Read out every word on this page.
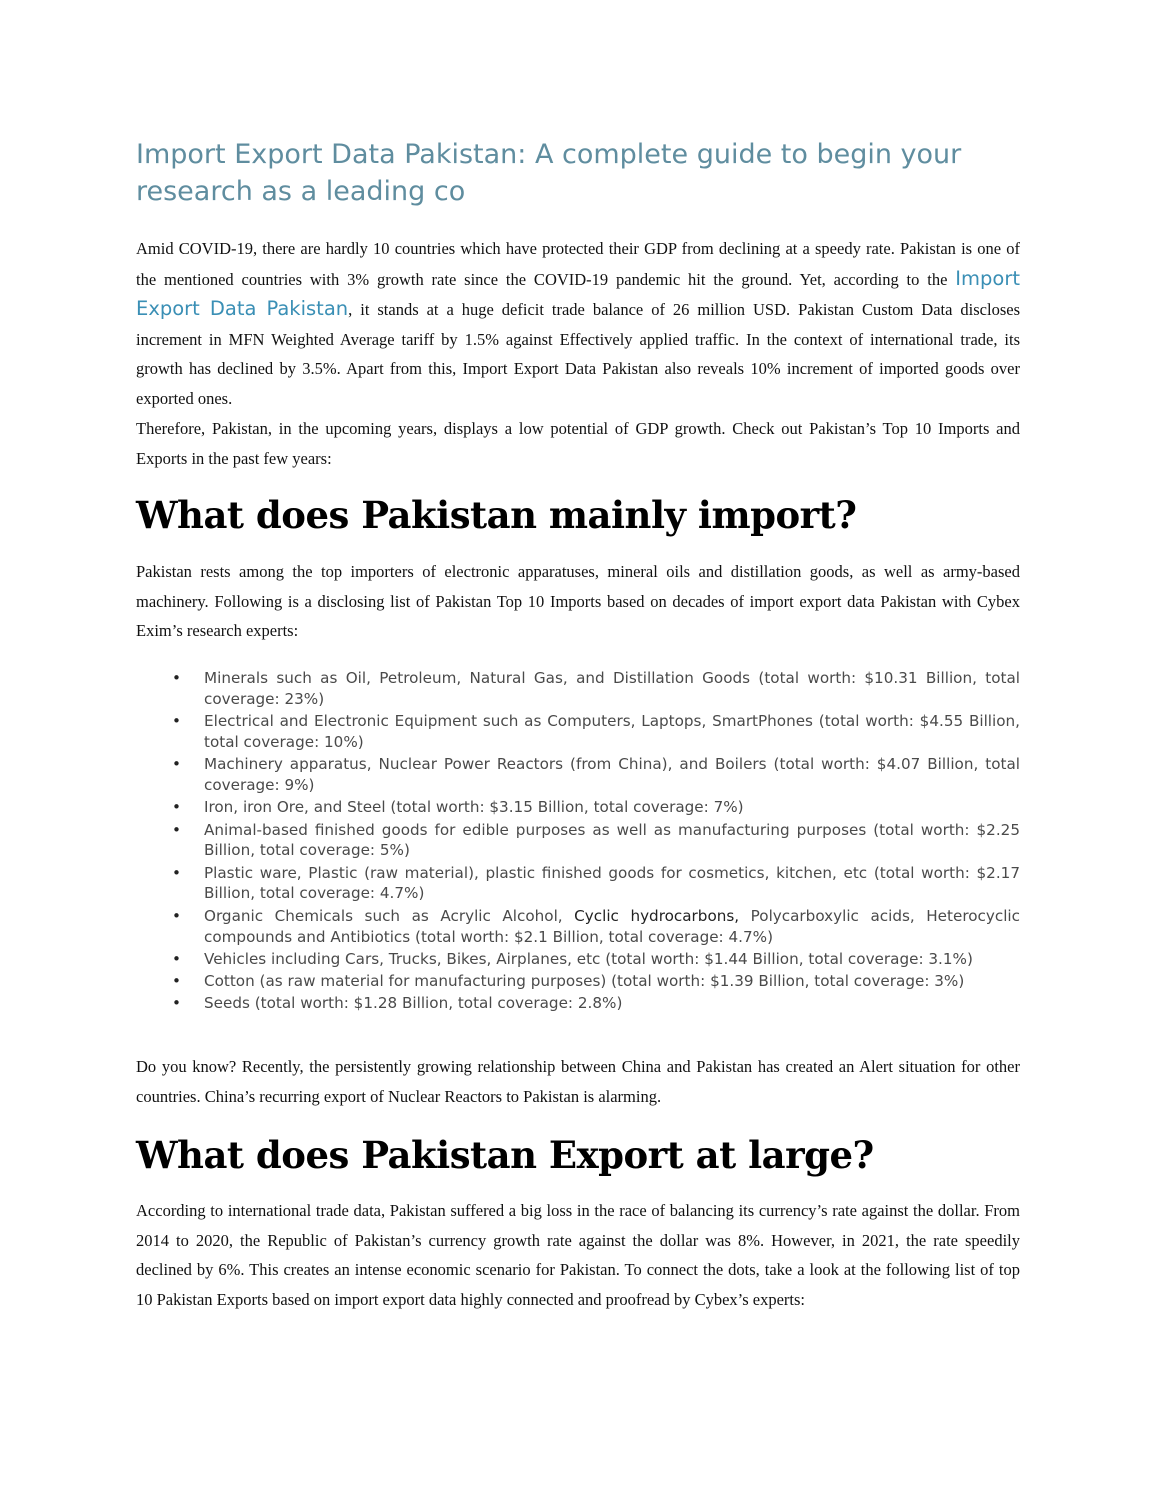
Import Export Data Pakistan: A complete guide to begin your research as a leading co

Amid COVID-19, there are hardly 10 countries which have protected their GDP from declining at a speedy rate. Pakistan is one of the mentioned countries with 3% growth rate since the COVID-19 pandemic hit the ground. Yet, according to the Import Export Data Pakistan, it stands at a huge deficit trade balance of 26 million USD. Pakistan Custom Data discloses increment in MFN Weighted Average tariff by 1.5% against Effectively applied traffic. In the context of international trade, its growth has declined by 3.5%. Apart from this, Import Export Data Pakistan also reveals 10% increment of imported goods over exported ones.

Therefore, Pakistan, in the upcoming years, displays a low potential of GDP growth. Check out Pakistan’s Top 10 Imports and Exports in the past few years:

What does Pakistan mainly import?

Pakistan rests among the top importers of electronic apparatuses, mineral oils and distillation goods, as well as army-based machinery. Following is a disclosing list of Pakistan Top 10 Imports based on decades of import export data Pakistan with Cybex Exim’s research experts:

• Minerals such as Oil, Petroleum, Natural Gas, and Distillation Goods (total worth: $10.31 Billion, total coverage: 23%)
• Electrical and Electronic Equipment such as Computers, Laptops, SmartPhones (total worth: $4.55 Billion, total coverage: 10%)
• Machinery apparatus, Nuclear Power Reactors (from China), and Boilers (total worth: $4.07 Billion, total coverage: 9%)
• Iron, iron Ore, and Steel (total worth: $3.15 Billion, total coverage: 7%)
• Animal-based finished goods for edible purposes as well as manufacturing purposes (total worth: $2.25 Billion, total coverage: 5%)
• Plastic ware, Plastic (raw material), plastic finished goods for cosmetics, kitchen, etc (total worth: $2.17 Billion, total coverage: 4.7%)
• Organic Chemicals such as Acrylic Alcohol, Cyclic hydrocarbons, Polycarboxylic acids, Heterocyclic compounds and Antibiotics (total worth: $2.1 Billion, total coverage: 4.7%)
• Vehicles including Cars, Trucks, Bikes, Airplanes, etc (total worth: $1.44 Billion, total coverage: 3.1%)
• Cotton (as raw material for manufacturing purposes) (total worth: $1.39 Billion, total coverage: 3%)
• Seeds (total worth: $1.28 Billion, total coverage: 2.8%)

Do you know? Recently, the persistently growing relationship between China and Pakistan has created an Alert situation for other countries. China’s recurring export of Nuclear Reactors to Pakistan is alarming.

What does Pakistan Export at large?

According to international trade data, Pakistan suffered a big loss in the race of balancing its currency’s rate against the dollar. From 2014 to 2020, the Republic of Pakistan’s currency growth rate against the dollar was 8%. However, in 2021, the rate speedily declined by 6%. This creates an intense economic scenario for Pakistan. To connect the dots, take a look at the following list of top 10 Pakistan Exports based on import export data highly connected and proofread by Cybex’s experts:
